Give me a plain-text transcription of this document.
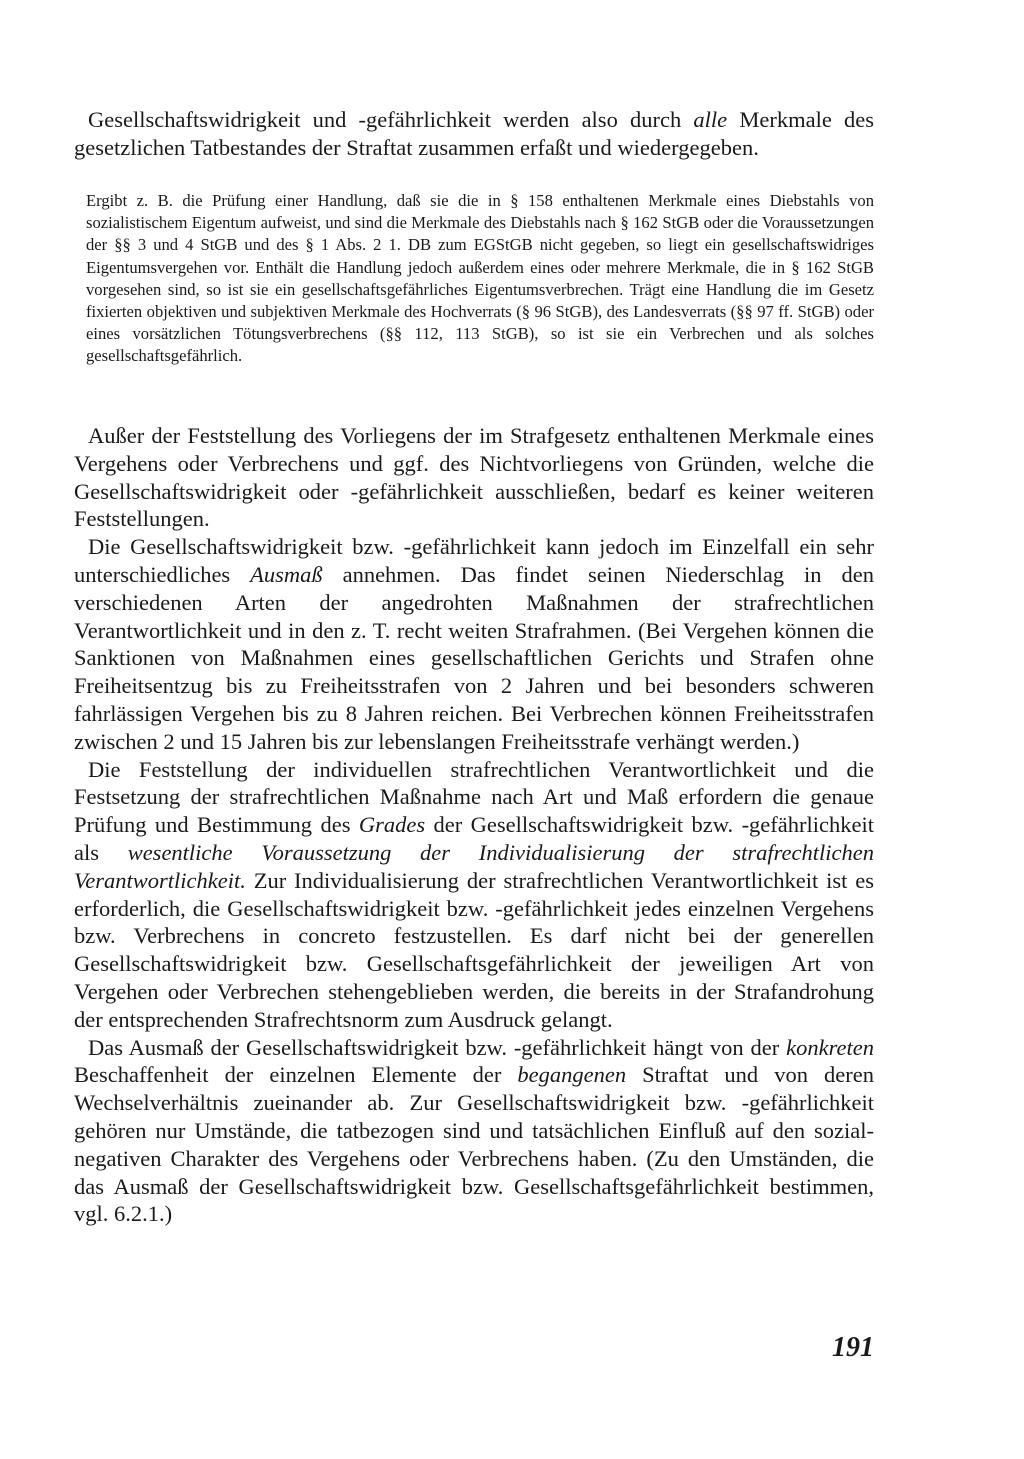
Gesellschaftswidrigkeit und -gefährlichkeit werden also durch alle Merkmale des gesetzlichen Tatbestandes der Straftat zusammen erfaßt und wiedergegeben.

Ergibt z. B. die Prüfung einer Handlung, daß sie die in § 158 enthaltenen Merkmale eines Diebstahls von sozialistischem Eigentum aufweist, und sind die Merkmale des Diebstahls nach § 162 StGB oder die Voraussetzungen der §§ 3 und 4 StGB und des § 1 Abs. 2 1. DB zum EGStGB nicht gegeben, so liegt ein gesellschaftswidriges Eigentumsvergehen vor. Enthält die Handlung jedoch außerdem eines oder mehrere Merkmale, die in § 162 StGB vorgesehen sind, so ist sie ein gesellschaftsgefährliches Eigentumsverbrechen. Trägt eine Handlung die im Gesetz fixierten objektiven und subjektiven Merkmale des Hochverrats (§ 96 StGB), des Landesverrats (§§ 97 ff. StGB) oder eines vorsätzlichen Tötungsverbrechens (§§ 112, 113 StGB), so ist sie ein Verbrechen und als solches gesellschaftsgefährlich.

Außer der Feststellung des Vorliegens der im Strafgesetz enthaltenen Merkmale eines Vergehens oder Verbrechens und ggf. des Nichtvorliegens von Gründen, welche die Gesellschaftswidrigkeit oder -gefährlichkeit ausschließen, bedarf es keiner weiteren Feststellungen.

Die Gesellschaftswidrigkeit bzw. -gefährlichkeit kann jedoch im Einzelfall ein sehr unterschiedliches Ausmaß annehmen. Das findet seinen Niederschlag in den verschiedenen Arten der angedrohten Maßnahmen der strafrechtlichen Verantwortlichkeit und in den z. T. recht weiten Strafrahmen. (Bei Vergehen können die Sanktionen von Maßnahmen eines gesellschaftlichen Gerichts und Strafen ohne Freiheitsentzug bis zu Freiheitsstrafen von 2 Jahren und bei besonders schweren fahrlässigen Vergehen bis zu 8 Jahren reichen. Bei Verbrechen können Freiheitsstrafen zwischen 2 und 15 Jahren bis zur lebenslangen Freiheitsstrafe verhängt werden.)

Die Feststellung der individuellen strafrechtlichen Verantwortlichkeit und die Festsetzung der strafrechtlichen Maßnahme nach Art und Maß erfordern die genaue Prüfung und Bestimmung des Grades der Gesellschaftswidrigkeit bzw. -gefährlichkeit als wesentliche Voraussetzung der Individualisierung der strafrechtlichen Verantwortlichkeit. Zur Individualisierung der strafrechtlichen Verantwortlichkeit ist es erforderlich, die Gesellschaftswidrigkeit bzw. -gefährlichkeit jedes einzelnen Vergehens bzw. Verbrechens in concreto festzustellen. Es darf nicht bei der generellen Gesellschaftswidrigkeit bzw. Gesellschaftsgefährlichkeit der jeweiligen Art von Vergehen oder Verbrechen stehengeblieben werden, die bereits in der Strafandrohung der entsprechenden Strafrechtsnorm zum Ausdruck gelangt.

Das Ausmaß der Gesellschaftswidrigkeit bzw. -gefährlichkeit hängt von der konkreten Beschaffenheit der einzelnen Elemente der begangenen Straftat und von deren Wechselverhältnis zueinander ab. Zur Gesellschaftswidrigkeit bzw. -gefährlichkeit gehören nur Umstände, die tatbezogen sind und tatsächlichen Einfluß auf den sozial-negativen Charakter des Vergehens oder Verbrechens haben. (Zu den Umständen, die das Ausmaß der Gesellschaftswidrigkeit bzw. Gesellschaftsgefährlichkeit bestimmen, vgl. 6.2.1.)

191
